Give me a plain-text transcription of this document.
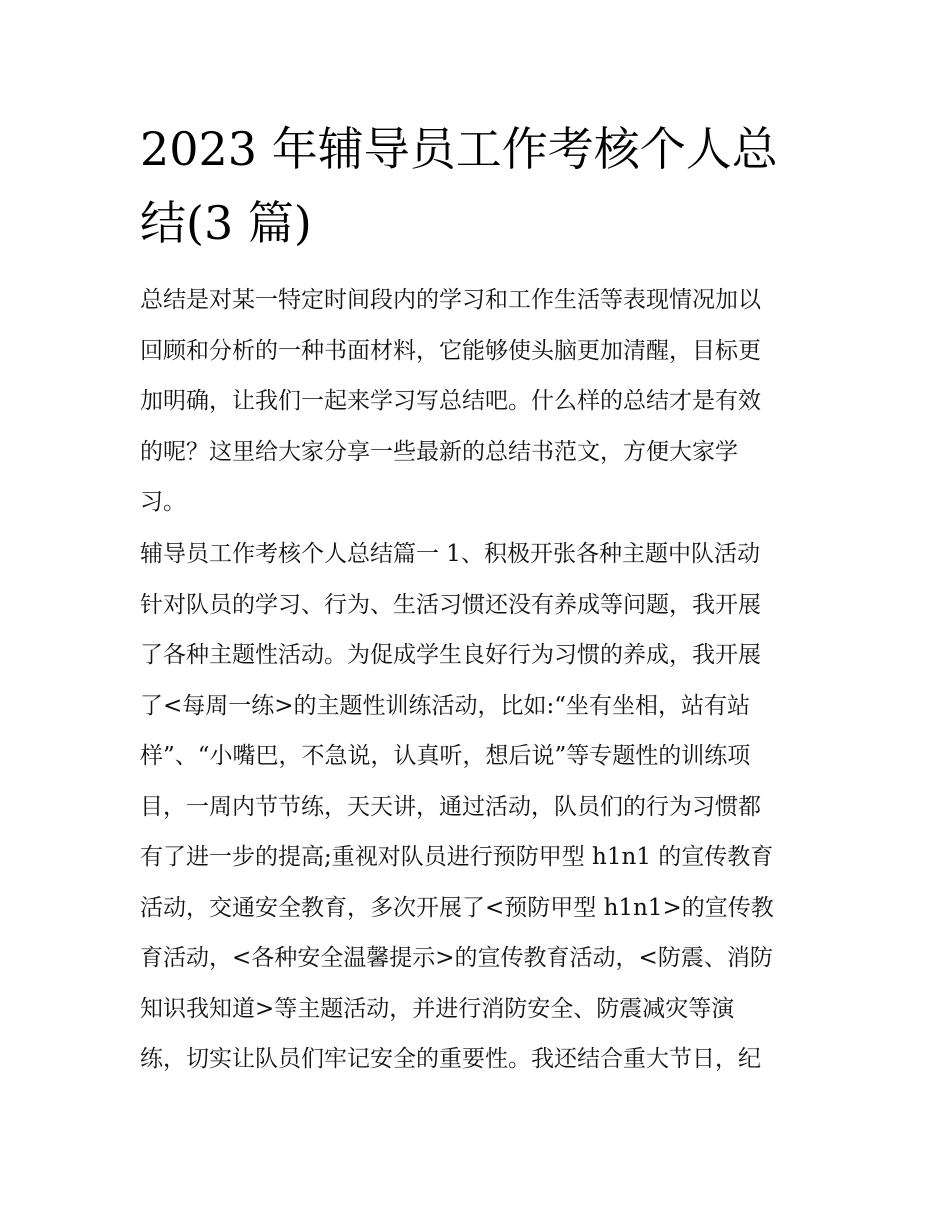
2023 年辅导员工作考核个人总
结(3 篇)
总结是对某一特定时间段内的学习和工作生活等表现情况加以
回顾和分析的一种书面材料，它能够使头脑更加清醒，目标更
加明确，让我们一起来学习写总结吧。什么样的总结才是有效
的呢？这里给大家分享一些最新的总结书范文，方便大家学
习。
辅导员工作考核个人总结篇一 1、积极开张各种主题中队活动
针对队员的学习、行为、生活习惯还没有养成等问题，我开展
了各种主题性活动。为促成学生良好行为习惯的养成，我开展
了<每周一练>的主题性训练活动，比如:“坐有坐相，站有站
样”、“小嘴巴，不急说，认真听，想后说”等专题性的训练项
目，一周内节节练，天天讲，通过活动，队员们的行为习惯都
有了进一步的提高;重视对队员进行预防甲型 h1n1 的宣传教育
活动，交通安全教育，多次开展了<预防甲型 h1n1>的宣传教
育活动，<各种安全温馨提示>的宣传教育活动，<防震、消防
知识我知道>等主题活动，并进行消防安全、防震减灾等演
练，切实让队员们牢记安全的重要性。我还结合重大节日，纪
